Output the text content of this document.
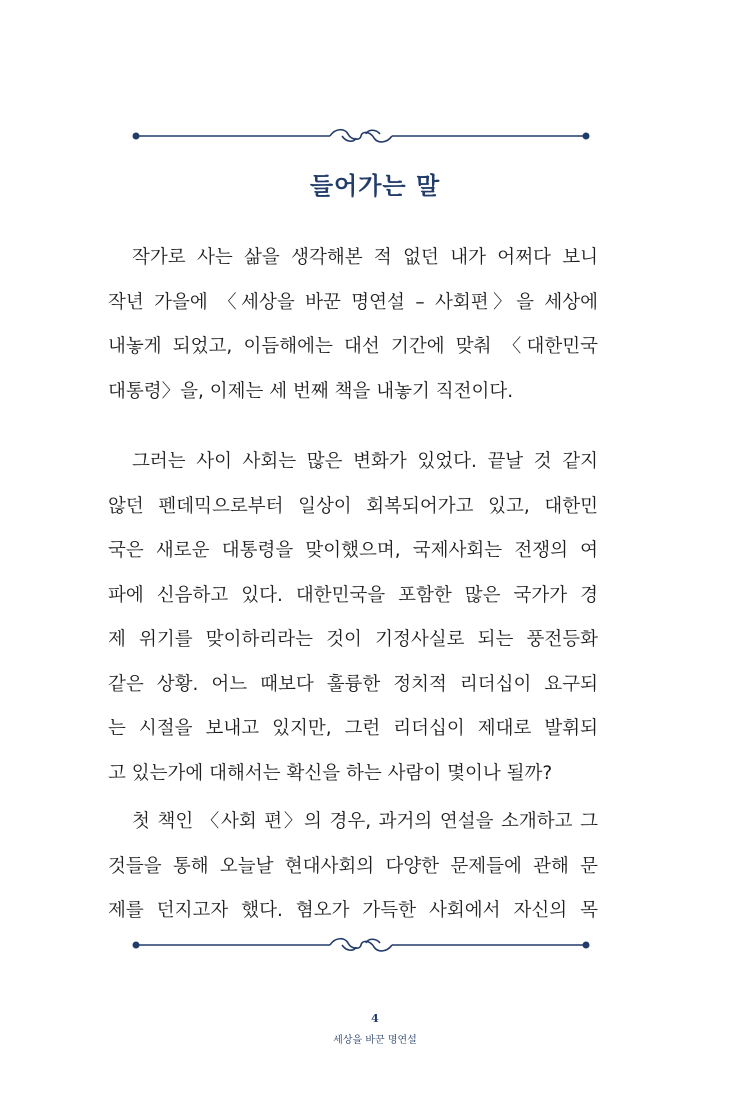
들어가는 말
작가로 사는 삶을 생각해본 적 없던 내가 어쩌다 보니
작년 가을에 〈세상을 바꾼 명연설 – 사회편〉을 세상에
내놓게 되었고, 이듬해에는 대선 기간에 맞춰 〈대한민국
대통령〉을, 이제는 세 번째 책을 내놓기 직전이다.
그러는 사이 사회는 많은 변화가 있었다. 끝날 것 같지
않던 펜데믹으로부터 일상이 회복되어가고 있고, 대한민
국은 새로운 대통령을 맞이했으며, 국제사회는 전쟁의 여
파에 신음하고 있다. 대한민국을 포함한 많은 국가가 경
제 위기를 맞이하리라는 것이 기정사실로 되는 풍전등화
같은 상황. 어느 때보다 훌륭한 정치적 리더십이 요구되
는 시절을 보내고 있지만, 그런 리더십이 제대로 발휘되
고 있는가에 대해서는 확신을 하는 사람이 몇이나 될까?
첫 책인 〈사회 편〉의 경우, 과거의 연설을 소개하고 그
것들을 통해 오늘날 현대사회의 다양한 문제들에 관해 문
제를 던지고자 했다. 혐오가 가득한 사회에서 자신의 목
4
세상을 바꾼 명연설
